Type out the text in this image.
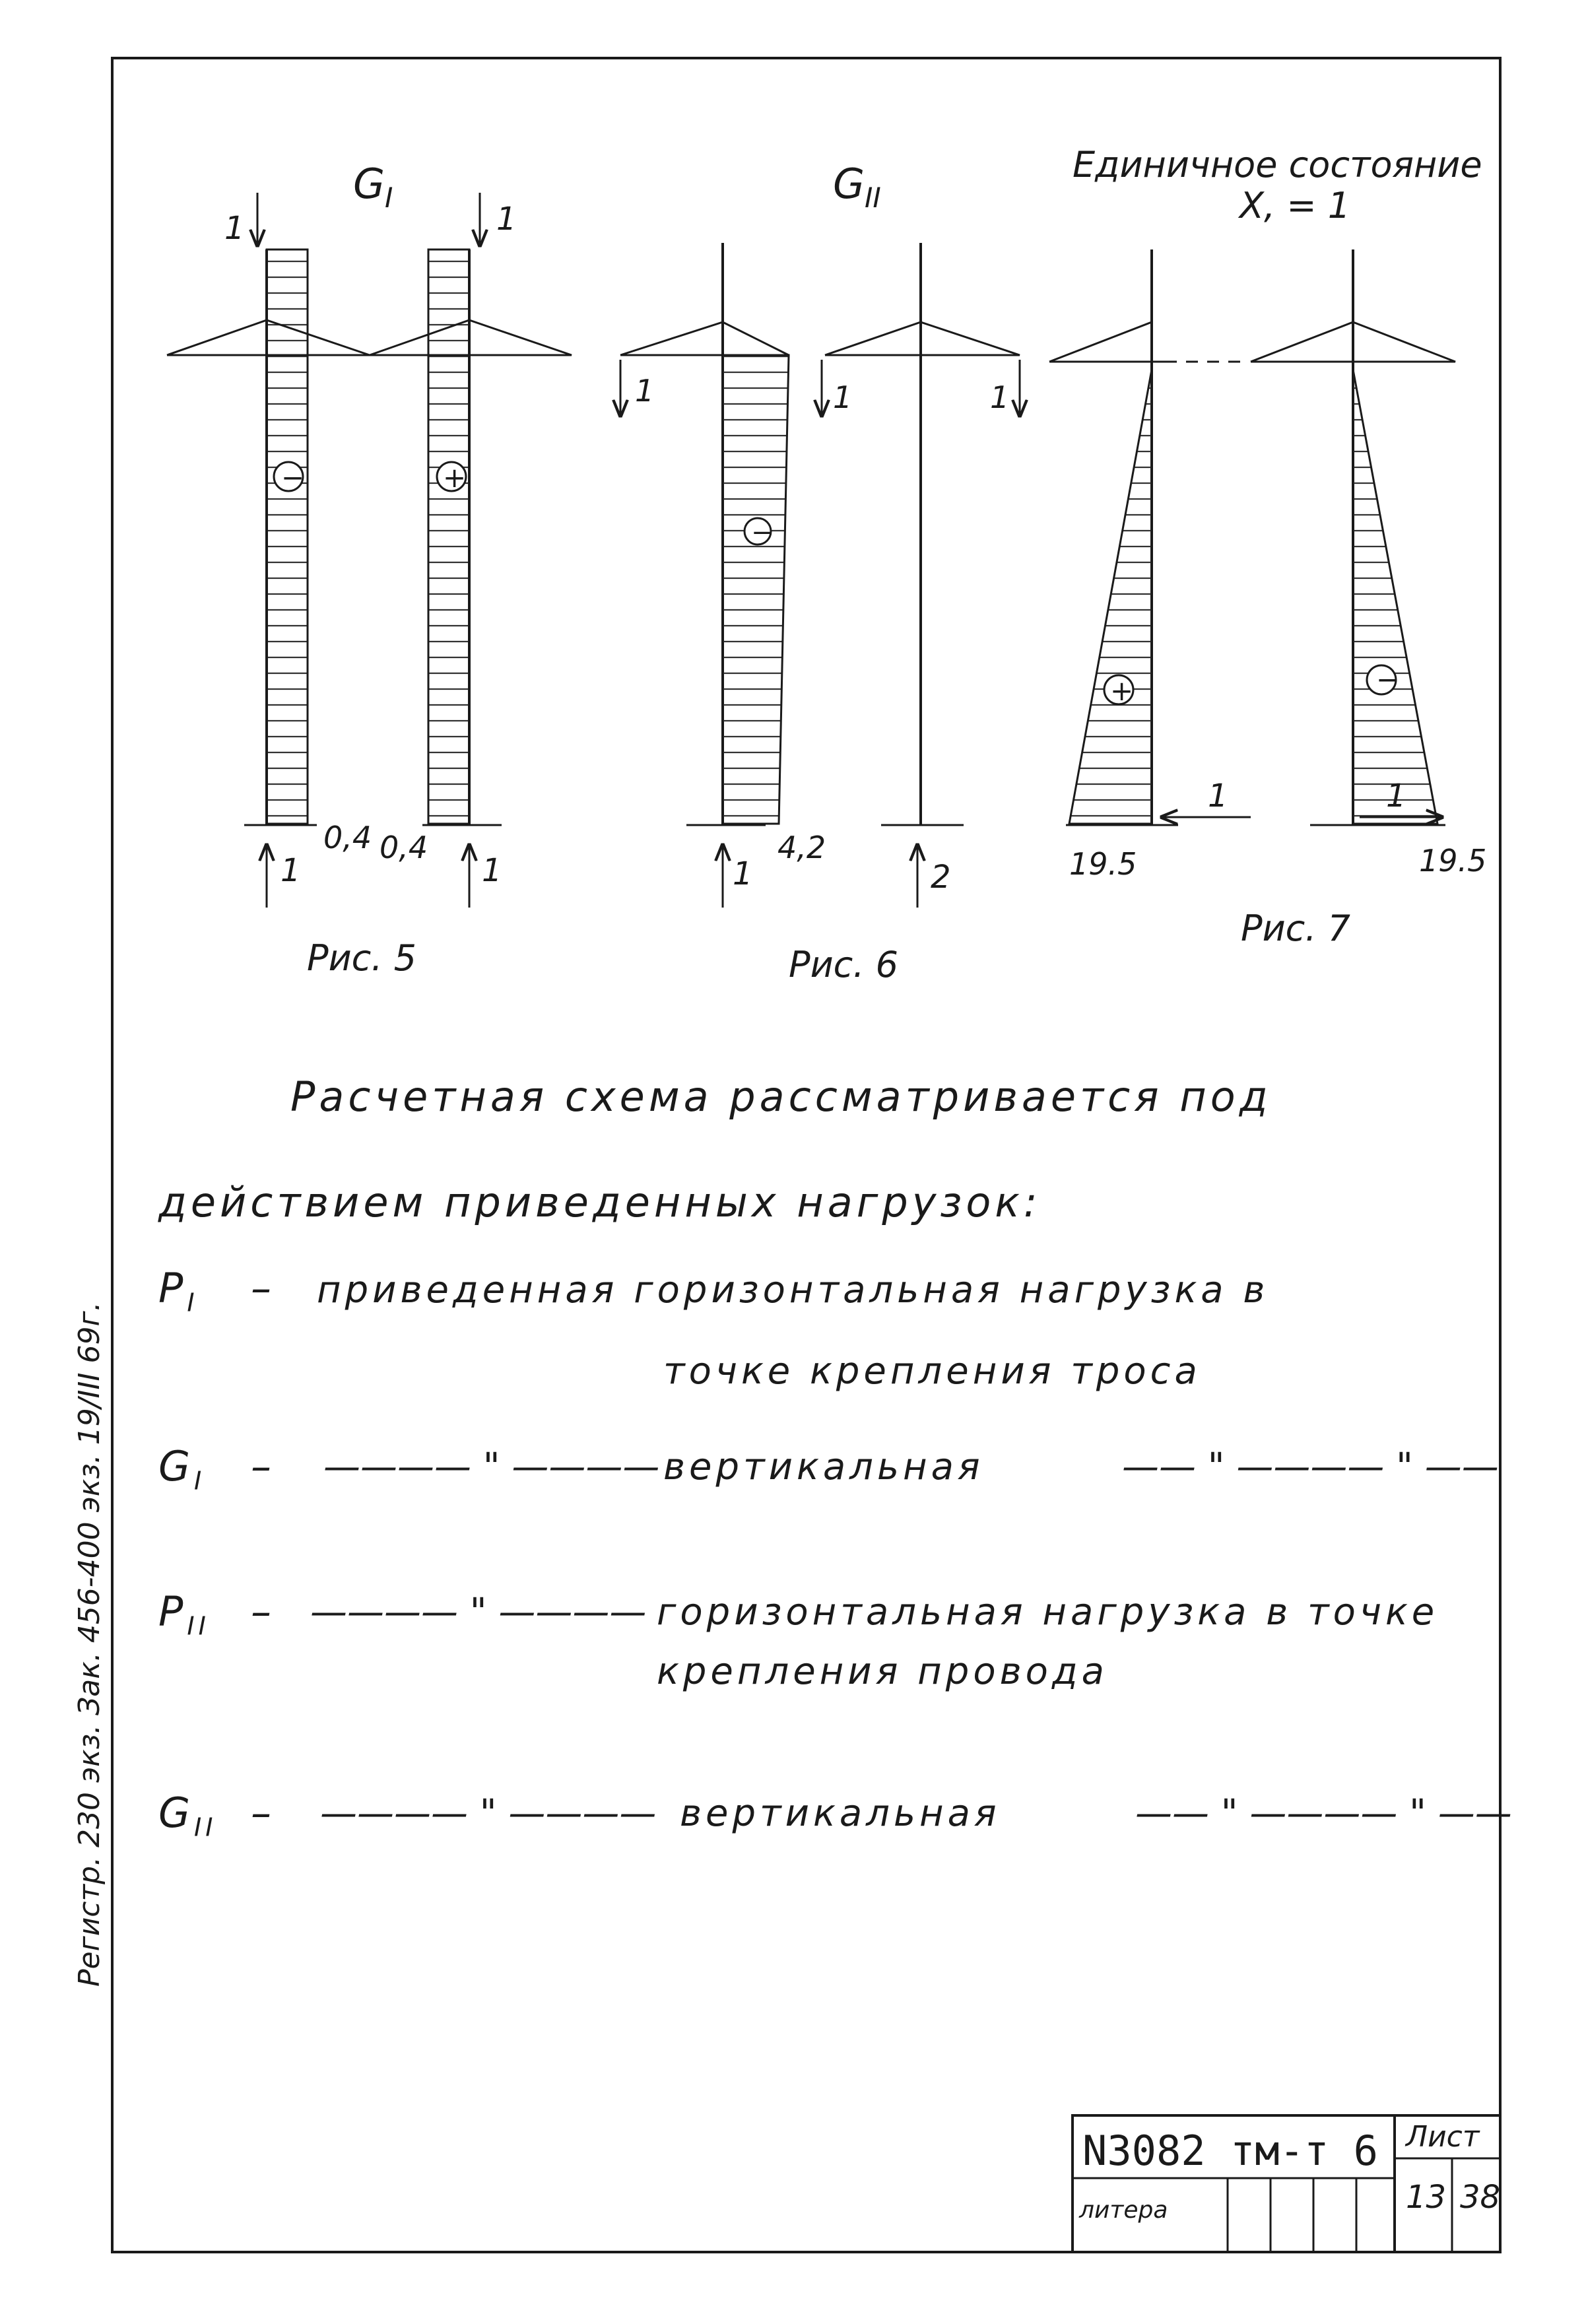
$G_I$
1
−
0,4
1
1
+
0,4
1
Рис. 5
$G_{II}$
1
−
4,2
1
1	1
2
Рис. 6
Единичное состояние
X, = 1
+
1
19.5
−
1
19.5
Рис. 7
Регистр. 230 экз. Зак. 456-400 экз. 19/III 69г.
N3082 тм-т 6
литера
Лист
13 38
Расчетная схема рассматривается под
действием приведенных нагрузок:
$P_I$ – приведенная горизонтальная нагрузка в
точке крепления троса
$G_I$ – ———— " ———— вертикальная	—— " ———— " ——
$P_{II}$ – ———— " ———— горизонтальная нагрузка в точке
крепления провода
$G_{II}$ – ———— " ———— вертикальная	—— " ———— " ——
